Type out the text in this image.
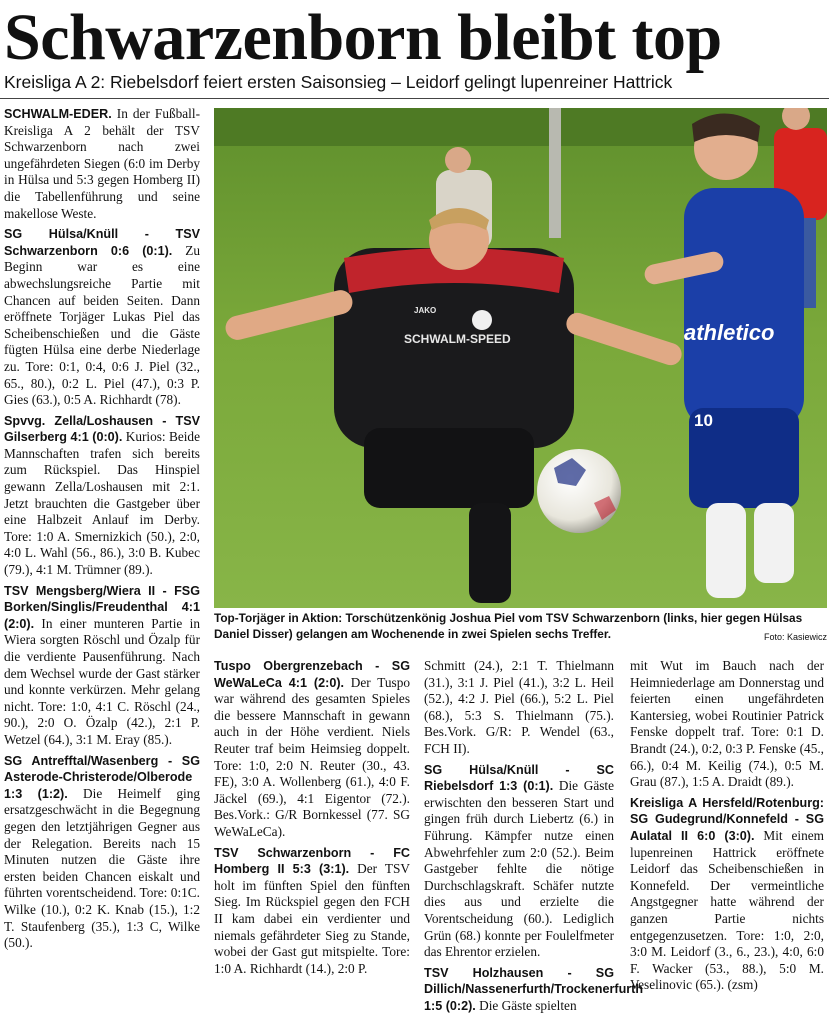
Schwarzenborn bleibt top
Kreisliga A 2: Riebelsdorf feiert ersten Saisonsieg – Leidorf gelingt lupenreiner Hattrick

SCHWALM-EDER. In der Fußball-Kreisliga A 2 behält der TSV Schwarzenborn nach zwei ungefährdeten Siegen (6:0 im Derby in Hülsa und 5:3 gegen Homberg II) die Tabellenführung und seine makellose Weste.

SG Hülsa/Knüll - TSV Schwarzenborn 0:6 (0:1). Zu Beginn war es eine abwechslungsreiche Partie mit Chancen auf beiden Seiten. Dann eröffnete Torjäger Lukas Piel das Scheibenschießen und die Gäste fügten Hülsa eine derbe Niederlage zu. Tore: 0:1, 0:4, 0:6 J. Piel (32., 65., 80.), 0:2 L. Piel (47.), 0:3 P. Gies (63.), 0:5 A. Richhardt (78).

Spvvg. Zella/Loshausen - TSV Gilserberg 4:1 (0:0). Kurios: Beide Mannschaften trafen sich bereits zum Rückspiel. Das Hinspiel gewann Zella/Loshausen mit 2:1. Jetzt brauchten die Gastgeber über eine Halbzeit Anlauf im Derby. Tore: 1:0 A. Smernizkich (50.), 2:0, 4:0 L. Wahl (56., 86.), 3:0 B. Kubec (79.), 4:1 M. Trümner (89.).

TSV Mengsberg/Wiera II - FSG Borken/Singlis/Freudenthal 4:1 (2:0). In einer munteren Partie in Wiera sorgten Röschl und Özalp für die verdiente Pausenführung. Nach dem Wechsel wurde der Gast stärker und konnte verkürzen. Mehr gelang nicht. Tore: 1:0, 4:1 C. Röschl (24., 90.), 2:0 O. Özalp (42.), 2:1 P. Wetzel (64.), 3:1 M. Eray (85.).

SG Antrefftal/Wasenberg - SG Asterode-Christerode/Olberode 1:3 (1:2). Die Heimelf ging ersatzgeschwächt in die Begegnung gegen den letztjährigen Gegner aus der Relegation. Bereits nach 15 Minuten nutzen die Gäste ihre ersten beiden Chancen eiskalt und führten vorentscheidend. Tore: 0:1C. Wilke (10.), 0:2 K. Knab (15.), 1:2 T. Staufenberg (35.), 1:3 C, Wilke (50.).

athletico
10
SCHWALM-SPEED
JAKO
Top-Torjäger in Aktion: Torschützenkönig Joshua Piel vom TSV Schwarzenborn (links, hier gegen Hülsas Daniel Disser) gelangen am Wochenende in zwei Spielen sechs Treffer.	Foto: Kasiewicz

Tuspo Obergrenzebach - SG WeWaLeCa 4:1 (2:0). Der Tuspo war während des gesamten Spieles die bessere Mannschaft in gewann auch in der Höhe verdient. Niels Reuter traf beim Heimsieg doppelt. Tore: 1:0, 2:0 N. Reuter (30., 43. FE), 3:0 A. Wollenberg (61.), 4:0 F. Jäckel (69.), 4:1 Eigentor (72.). Bes.Vork.: G/R Bornkessel (77. SG WeWaLeCa).

TSV Schwarzenborn - FC Homberg II 5:3 (3:1). Der TSV holt im fünften Spiel den fünften Sieg. Im Rückspiel gegen den FCH II kam dabei ein verdienter und niemals gefährdeter Sieg zu Stande, wobei der Gast gut mitspielte. Tore: 1:0 A. Richhardt (14.), 2:0 P.

Schmitt (24.), 2:1 T. Thielmann (31.), 3:1 J. Piel (41.), 3:2 L. Heil (52.), 4:2 J. Piel (66.), 5:2 L. Piel (68.), 5:3 S. Thielmann (75.). Bes.Vork. G/R: P. Wendel (63., FCH II).

SG Hülsa/Knüll - SC Riebelsdorf 1:3 (0:1). Die Gäste erwischten den besseren Start und gingen früh durch Liebertz (6.) in Führung. Kämpfer nutze einen Abwehrfehler zum 2:0 (52.). Beim Gastgeber fehlte die nötige Durchschlagskraft. Schäfer nutzte dies aus und erzielte die Vorentscheidung (60.). Lediglich Grün (68.) konnte per Foulelfmeter das Ehrentor erzielen.

TSV Holzhausen - SG Dillich/Nassenerfurth/Trockenerfurth 1:5 (0:2). Die Gäste spielten

mit Wut im Bauch nach der Heimniederlage am Donnerstag und feierten einen ungefährdeten Kantersieg, wobei Routinier Patrick Fenske doppelt traf. Tore: 0:1 D. Brandt (24.), 0:2, 0:3 P. Fenske (45., 66.), 0:4 M. Keilig (74.), 0:5 M. Grau (87.), 1:5 A. Draidt (89.).

Kreisliga A Hersfeld/Rotenburg: SG Gudegrund/Konnefeld - SG Aulatal II 6:0 (3:0). Mit einem lupenreinen Hattrick eröffnete Leidorf das Scheibenschießen in Konnefeld. Der vermeintliche Angstgegner hatte während der ganzen Partie nichts entgegenzusetzen. Tore: 1:0, 2:0, 3:0 M. Leidorf (3., 6., 23.), 4:0, 6:0 F. Wacker (53., 88.), 5:0 M. Veselinovic (65.). (zsm)
